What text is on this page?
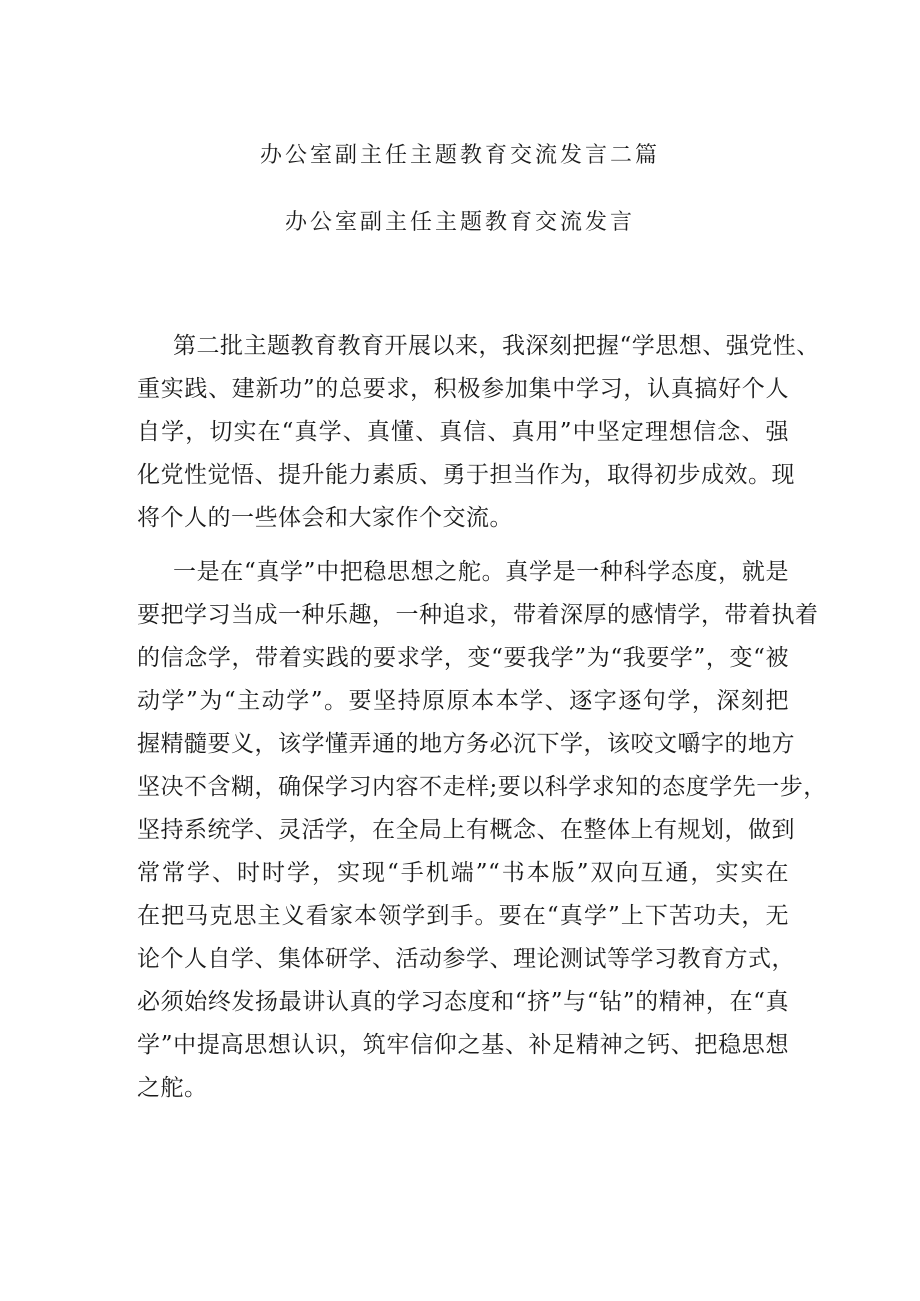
办公室副主任主题教育交流发言二篇
办公室副主任主题教育交流发言
第二批主题教育教育开展以来，我深刻把握“学思想、强党性、
重实践、建新功”的总要求，积极参加集中学习，认真搞好个人
自学，切实在“真学、真懂、真信、真用”中坚定理想信念、强
化党性觉悟、提升能力素质、勇于担当作为，取得初步成效。现
将个人的一些体会和大家作个交流。
一是在“真学”中把稳思想之舵。真学是一种科学态度，就是
要把学习当成一种乐趣，一种追求，带着深厚的感情学，带着执着
的信念学，带着实践的要求学，变“要我学”为“我要学”，变“被
动学”为“主动学”。要坚持原原本本学、逐字逐句学，深刻把
握精髓要义，该学懂弄通的地方务必沉下学，该咬文嚼字的地方
坚决不含糊，确保学习内容不走样;要以科学求知的态度学先一步，
坚持系统学、灵活学，在全局上有概念、在整体上有规划，做到
常常学、时时学，实现“手机端”“书本版”双向互通，实实在
在把马克思主义看家本领学到手。要在“真学”上下苦功夫，无
论个人自学、集体研学、活动参学、理论测试等学习教育方式，
必须始终发扬最讲认真的学习态度和“挤”与“钻”的精神，在“真
学”中提高思想认识，筑牢信仰之基、补足精神之钙、把稳思想
之舵。
